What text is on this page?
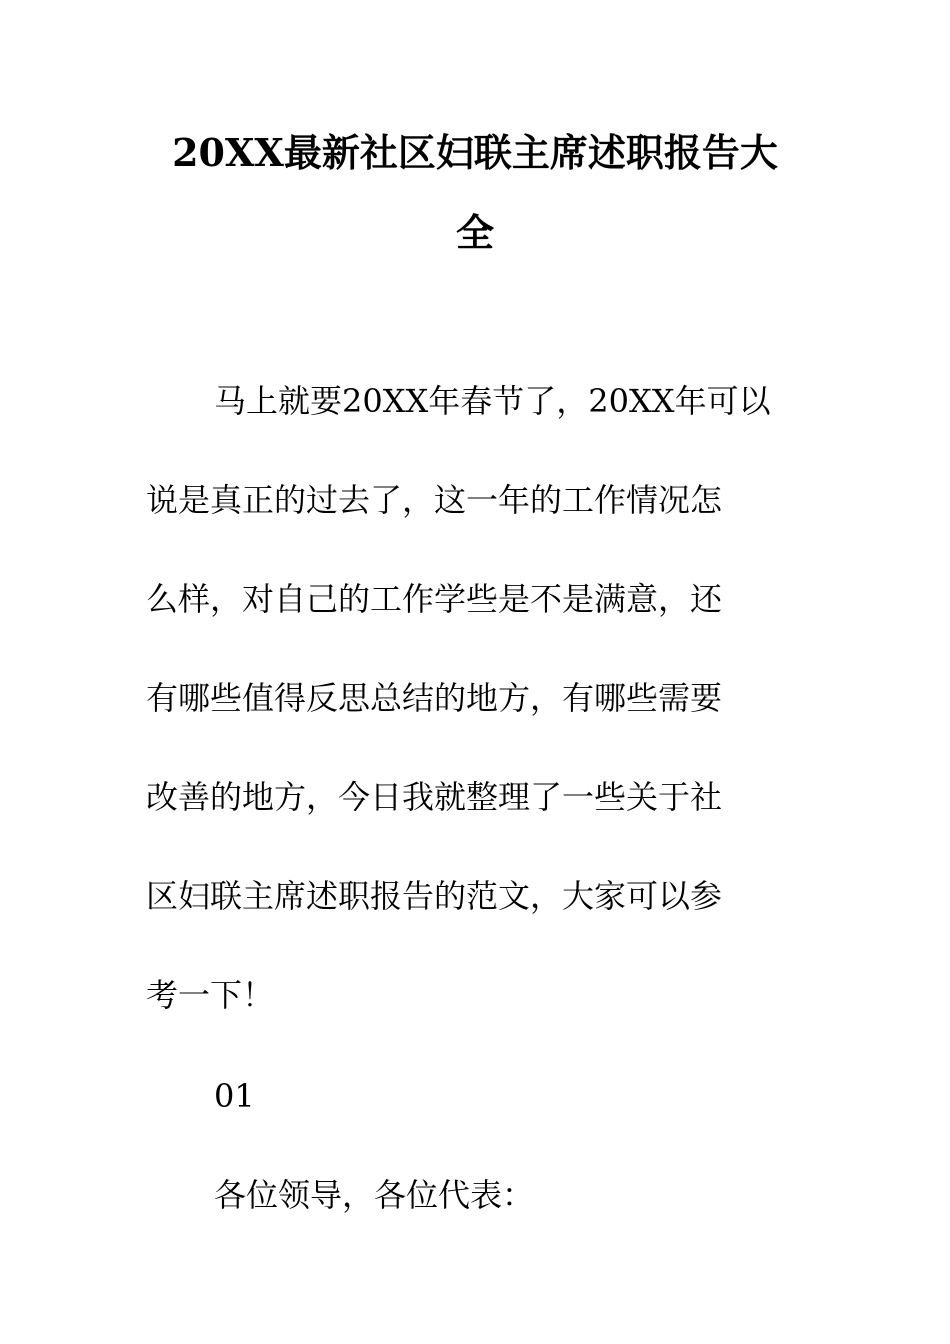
20XX最新社区妇联主席述职报告大
全

马上就要20XX年春节了，20XX年可以

说是真正的过去了，这一年的工作情况怎

么样，对自己的工作学些是不是满意，还

有哪些值得反思总结的地方，有哪些需要

改善的地方，今日我就整理了一些关于社

区妇联主席述职报告的范文，大家可以参

考一下！

01

各位领导，各位代表：
